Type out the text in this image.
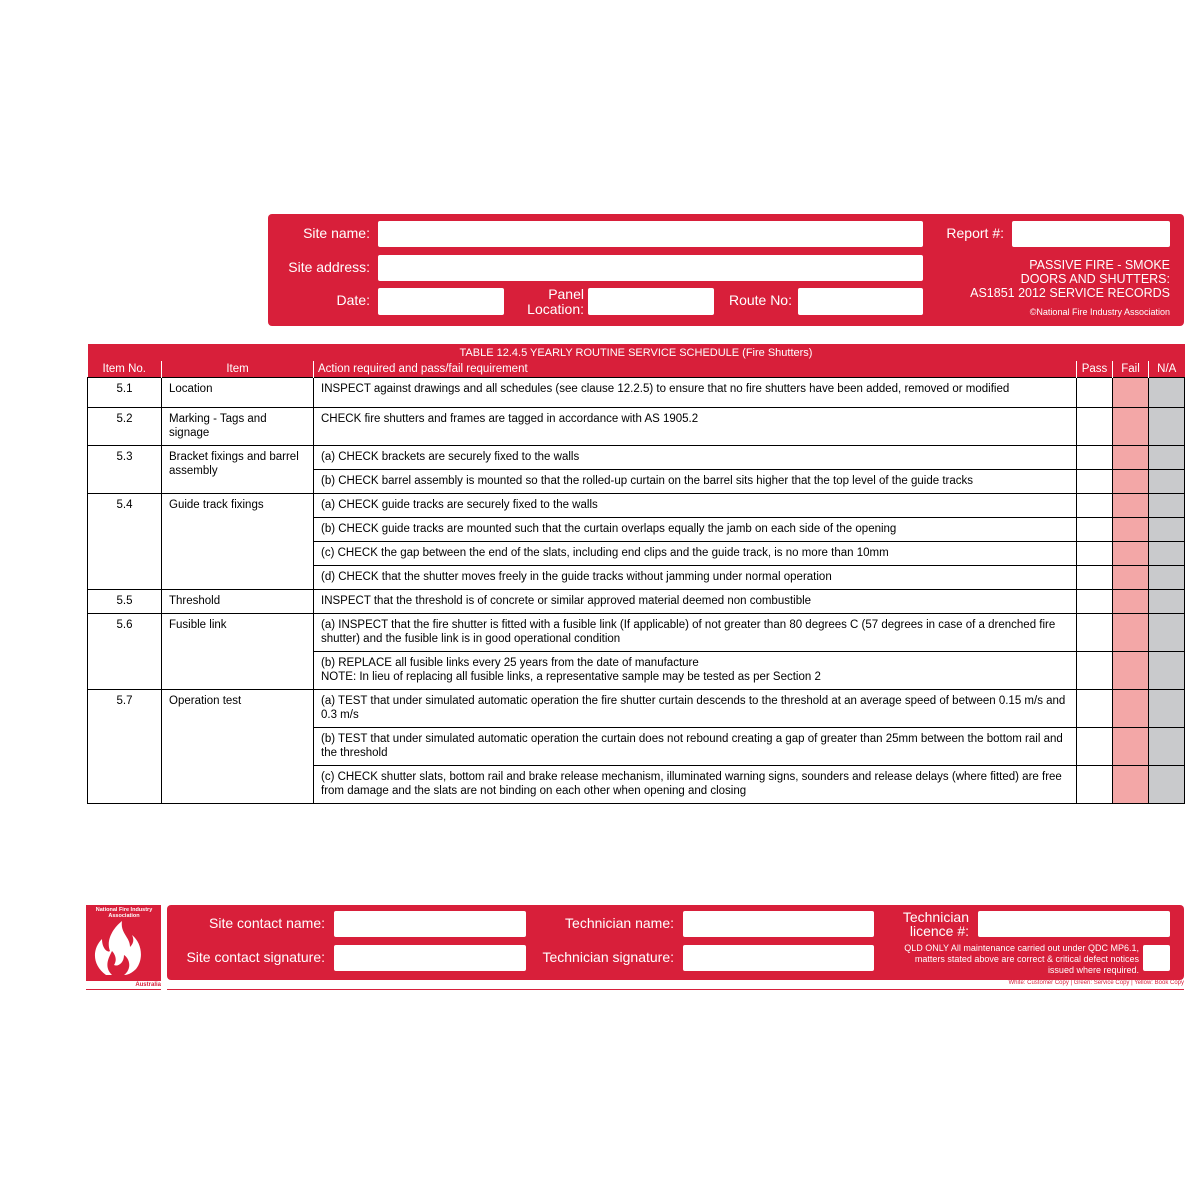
Site name:
Site address:
Date:	Panel Location:
Route No:
Report #:
PASSIVE FIRE - SMOKE
DOORS AND SHUTTERS:
AS1851 2012 SERVICE RECORDS
©National Fire Industry Association
TABLE 12.4.5 YEARLY ROUTINE SERVICE SCHEDULE (Fire Shutters)					
Item No.	Item	Action required and pass/fail requirement	Pass	Fail	N/A
5.1	Location	INSPECT against drawings and all schedules (see clause 12.2.5) to ensure that no fire shutters have been added, removed or modified			
5.2	Marking - Tags and signage	CHECK fire shutters and frames are tagged in accordance with AS 1905.2			
5.3	Bracket fixings and barrel assembly	(a) CHECK brackets are securely fixed to the walls			
		(b) CHECK barrel assembly is mounted so that the rolled-up curtain on the barrel sits higher that the top level of the guide tracks			
5.4	Guide track fixings	(a) CHECK guide tracks are securely fixed to the walls			
		(b) CHECK guide tracks are mounted such that the curtain overlaps equally the jamb on each side of the opening			
		(c) CHECK the gap between the end of the slats, including end clips and the guide track, is no more than 10mm			
		(d) CHECK that the shutter moves freely in the guide tracks without jamming under normal operation			
5.5	Threshold	INSPECT that the threshold is of concrete or similar approved material deemed non combustible			
5.6	Fusible link	(a) INSPECT that the fire shutter is fitted with a fusible link (If applicable) of not greater than 80 degrees C (57 degrees in case of a drenched fire shutter) and the fusible link is in good operational condition			

		(b) REPLACE all fusible links every 25 years from the date of manufacture
NOTE: In lieu of replacing all fusible links, a representative sample may be tested as per Section 2			

5.7	Operation test	(a) TEST that under simulated automatic operation the fire shutter curtain descends to the threshold at an average speed of between 0.15 m/s and 0.3 m/s			
		(b) TEST that under simulated automatic operation the curtain does not rebound creating a gap of greater than 25mm between the bottom rail and the threshold			
		(c) CHECK shutter slats, bottom rail and brake release mechanism, illuminated warning signs, sounders and release delays (where fitted) are free from damage and the slats are not binding on each other when opening and closing			
National Fire Industry Association
Australia
Site contact name:
Site contact signature:
Technician name:
Technician signature:
Technician licence #:
QLD ONLY All maintenance carried out under QDC MP6.1, matters stated above are correct & critical defect notices issued where required.
White: Customer Copy | Green: Service Copy | Yellow: Book Copy
